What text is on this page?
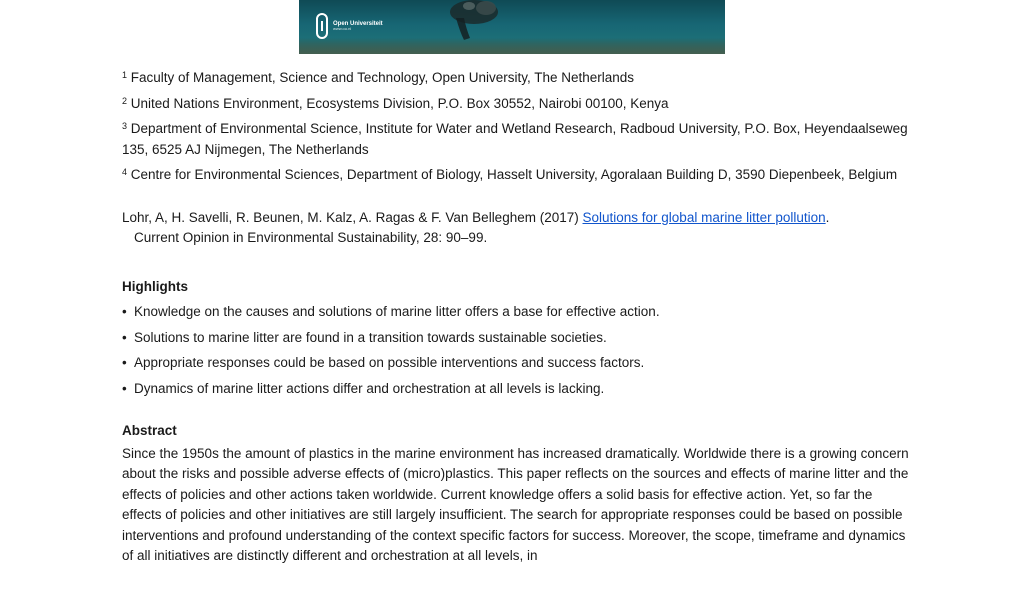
Open Universiteit
www.ou.nl

$^1$ Faculty of Management, Science and Technology, Open University, The Netherlands

$^2$ United Nations Environment, Ecosystems Division, P.O. Box 30552, Nairobi 00100, Kenya

$^3$ Department of Environmental Science, Institute for Water and Wetland Research, Radboud University, P.O. Box, Heyendaalseweg 135, 6525 AJ Nijmegen, The Netherlands

$^4$ Centre for Environmental Sciences, Department of Biology, Hasselt University, Agoralaan Building D, 3590 Diepenbeek, Belgium

Lohr, A, H. Savelli, R. Beunen, M. Kalz, A. Ragas & F. Van Belleghem (2017) Solutions for global marine litter pollution.
Current Opinion in Environmental Sustainability, 28: 90–99.

Highlights

• Knowledge on the causes and solutions of marine litter offers a base for effective action.

• Solutions to marine litter are found in a transition towards sustainable societies.

• Appropriate responses could be based on possible interventions and success factors.

• Dynamics of marine litter actions differ and orchestration at all levels is lacking.

Abstract

Since the 1950s the amount of plastics in the marine environment has increased dramatically. Worldwide there is a growing concern about the risks and possible adverse effects of (micro)plastics. This paper reflects on the sources and effects of marine litter and the effects of policies and other actions taken worldwide. Current knowledge offers a solid basis for effective action. Yet, so far the effects of policies and other initiatives are still largely insufficient. The search for appropriate responses could be based on possible interventions and profound understanding of the context specific factors for success. Moreover, the scope, timeframe and dynamics of all initiatives are distinctly different and orchestration at all levels, in
